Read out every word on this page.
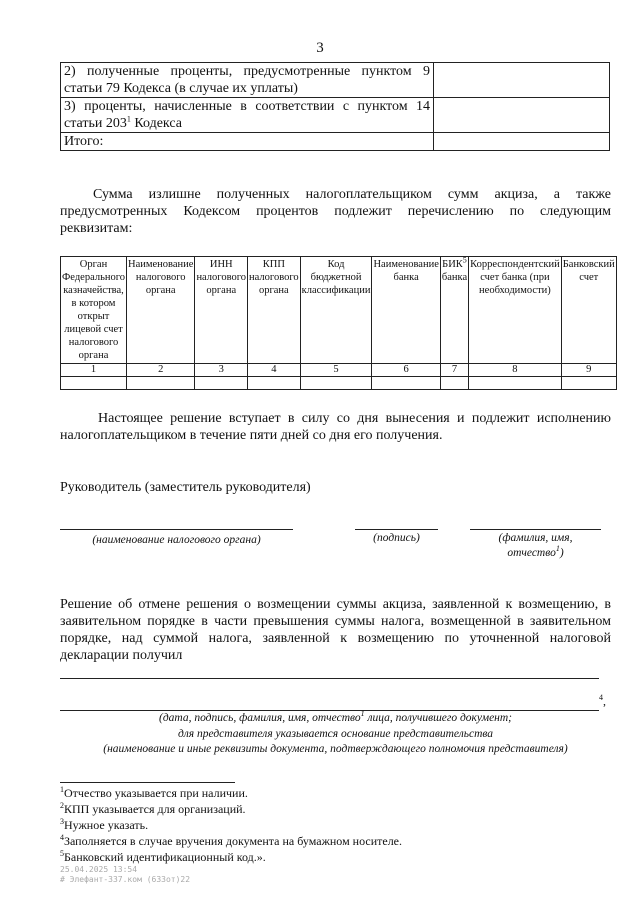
3
2) полученные проценты, предусмотренные пунктом 9 статьи 79 Кодекса (в случае их уплаты)	
3) проценты, начисленные в соответствии с пунктом 14 статьи $203^1$ Кодекса	
Итого:	
Сумма излишне полученных налогоплательщиком сумм акциза, а также предусмотренных Кодексом процентов подлежит перечислению по следующим реквизитам:
Орган Федерального казначейства, в котором открыт лицевой счет налогового органа	Наименование налогового органа	ИНН налогового органа	КПП налогового органа	Код бюджетной классификации	Наименование банка	БИК$^5$ банка	Корреспондентский счет банка (при необходимости)	Банковский счет
1	2	3	4	5	6	7	8	9

Настоящее решение вступает в силу со дня вынесения и подлежит исполнению налогоплательщиком в течение пяти дней со дня его получения.
Руководитель (заместитель руководителя)
(наименование налогового органа)	(подпись)	(фамилия, имя,
отчество$^1$)
Решение об отмене решения о возмещении суммы акциза, заявленной к возмещению, в заявительном порядке в части превышения суммы налога, возмещенной в заявительном порядке, над суммой налога, заявленной к возмещению по уточненной налоговой декларации получил
$^4$,
(дата, подпись, фамилия, имя, отчество$^1$ лица, получившего документ;
для представителя указывается основание представительства
(наименование и иные реквизиты документа, подтверждающего полномочия представителя)
$^1$Отчество указывается при наличии.
$^2$КПП указывается для организаций.
$^3$Нужное указать.
$^4$Заполняется в случае вручения документа на бумажном носителе.
$^5$Банковский идентификационный код.».
25.04.2025 13:54
# Элефант-ЗЗ7.ком (633от)22
